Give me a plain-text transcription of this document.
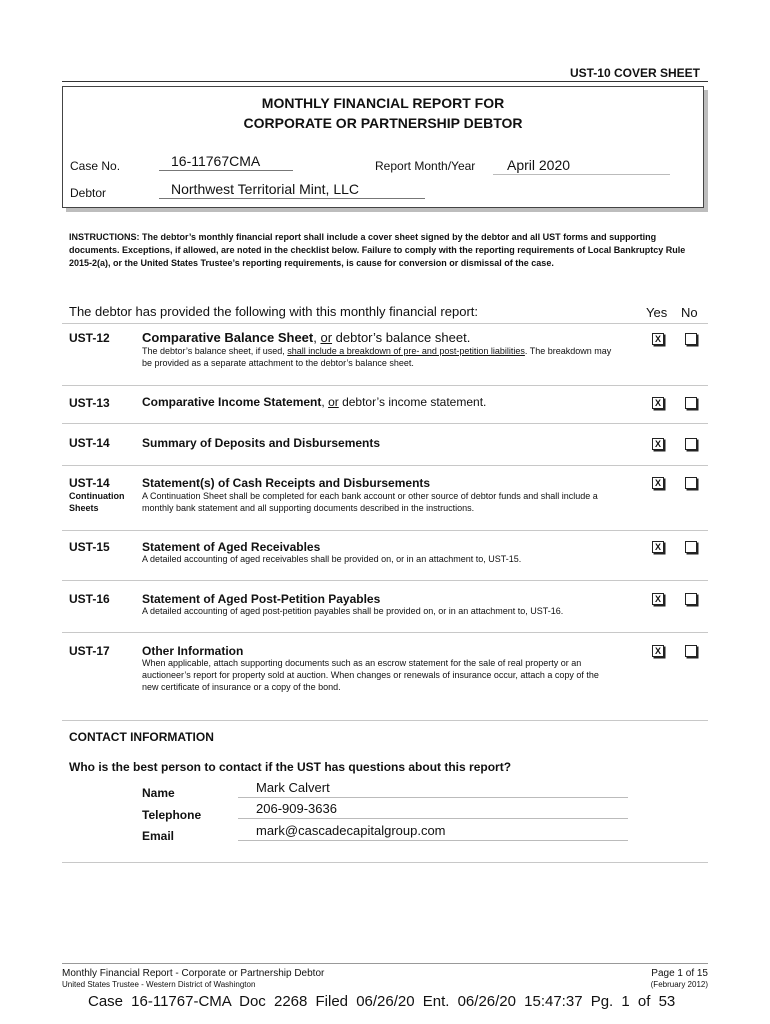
UST-10 COVER SHEET
MONTHLY FINANCIAL REPORT FOR
CORPORATE OR PARTNERSHIP DEBTOR
Case No.	16-11767CMA	Report Month/Year	April 2020
Debtor	Northwest Territorial Mint, LLC
INSTRUCTIONS: The debtor’s monthly financial report shall include a cover sheet signed by the debtor and all UST forms and supporting documents. Exceptions, if allowed, are noted in the checklist below. Failure to comply with the reporting requirements of Local Bankruptcy Rule 2015-2(a), or the United States Trustee’s reporting requirements, is cause for conversion or dismissal of the case.
The debtor has provided the following with this monthly financial report:	Yes No
UST-12 Comparative Balance Sheet, or debtor’s balance sheet.
The debtor’s balance sheet, if used, shall include a breakdown of pre- and post-petition liabilities. The breakdown may be provided as a separate attachment to the debtor’s balance sheet.
X
UST-13	Comparative Income Statement, or debtor’s income statement.	X
UST-14	Summary of Deposits and Disbursements	X
UST-14
Continuation
Sheets
Statement(s) of Cash Receipts and Disbursements
A Continuation Sheet shall be completed for each bank account or other source of debtor funds and shall include a monthly bank statement and all supporting documents described in the instructions.
X
UST-15	Statement of Aged Receivables
A detailed accounting of aged receivables shall be provided on, or in an attachment to, UST-15.
X
UST-16	Statement of Aged Post-Petition Payables
A detailed accounting of aged post-petition payables shall be provided on, or in an attachment to, UST-16.
X
UST-17	Other Information
When applicable, attach supporting documents such as an escrow statement for the sale of real property or an auctioneer’s report for property sold at auction. When changes or renewals of insurance occur, attach a copy of the new certificate of insurance or a copy of the bond.
X
CONTACT INFORMATION
Who is the best person to contact if the UST has questions about this report?
Name	Mark Calvert
Telephone	206-909-3636
Email	mark@cascadecapitalgroup.com
Monthly Financial Report - Corporate or Partnership Debtor
United States Trustee - Western District of Washington
Page 1 of 15
(February 2012)
Case 16-11767-CMA Doc 2268 Filed 06/26/20 Ent. 06/26/20 15:47:37 Pg. 1 of 53
